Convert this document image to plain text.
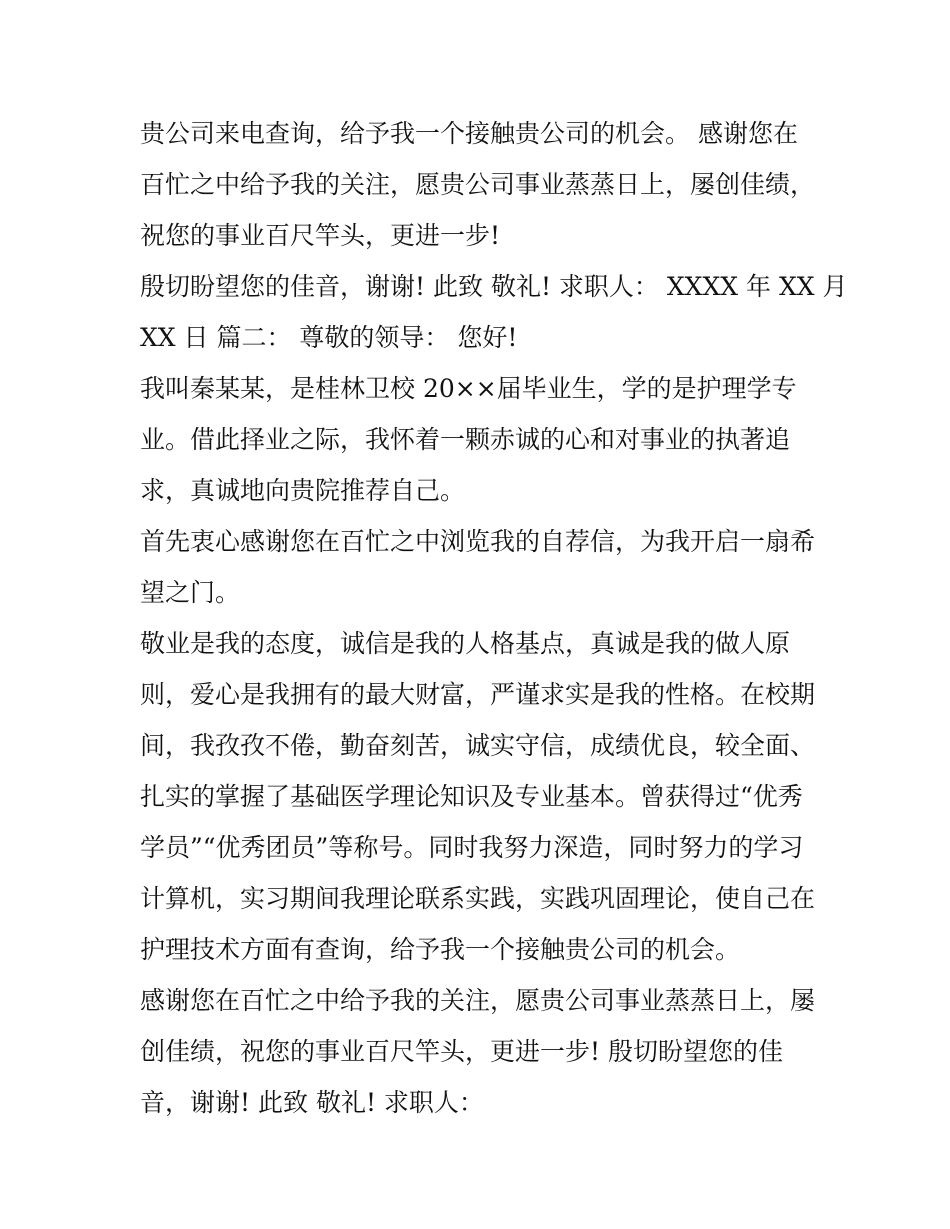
贵公司来电查询，给予我一个接触贵公司的机会。 感谢您在
百忙之中给予我的关注，愿贵公司事业蒸蒸日上，屡创佳绩，
祝您的事业百尺竿头，更进一步!
殷切盼望您的佳音，谢谢! 此致 敬礼! 求职人： XXXX 年 XX 月
XX 日 篇二： 尊敬的领导： 您好!
我叫秦某某，是桂林卫校 20××届毕业生，学的是护理学专
业。借此择业之际，我怀着一颗赤诚的心和对事业的执著追
求，真诚地向贵院推荐自己。
首先衷心感谢您在百忙之中浏览我的自荐信，为我开启一扇希
望之门。
敬业是我的态度，诚信是我的人格基点，真诚是我的做人原
则，爱心是我拥有的最大财富，严谨求实是我的性格。在校期
间，我孜孜不倦，勤奋刻苦，诚实守信，成绩优良，较全面、
扎实的掌握了基础医学理论知识及专业基本。曾获得过“优秀
学员”“优秀团员”等称号。同时我努力深造，同时努力的学习
计算机，实习期间我理论联系实践，实践巩固理论，使自己在
护理技术方面有查询，给予我一个接触贵公司的机会。
感谢您在百忙之中给予我的关注，愿贵公司事业蒸蒸日上，屡
创佳绩，祝您的事业百尺竿头，更进一步! 殷切盼望您的佳
音，谢谢! 此致 敬礼! 求职人：
